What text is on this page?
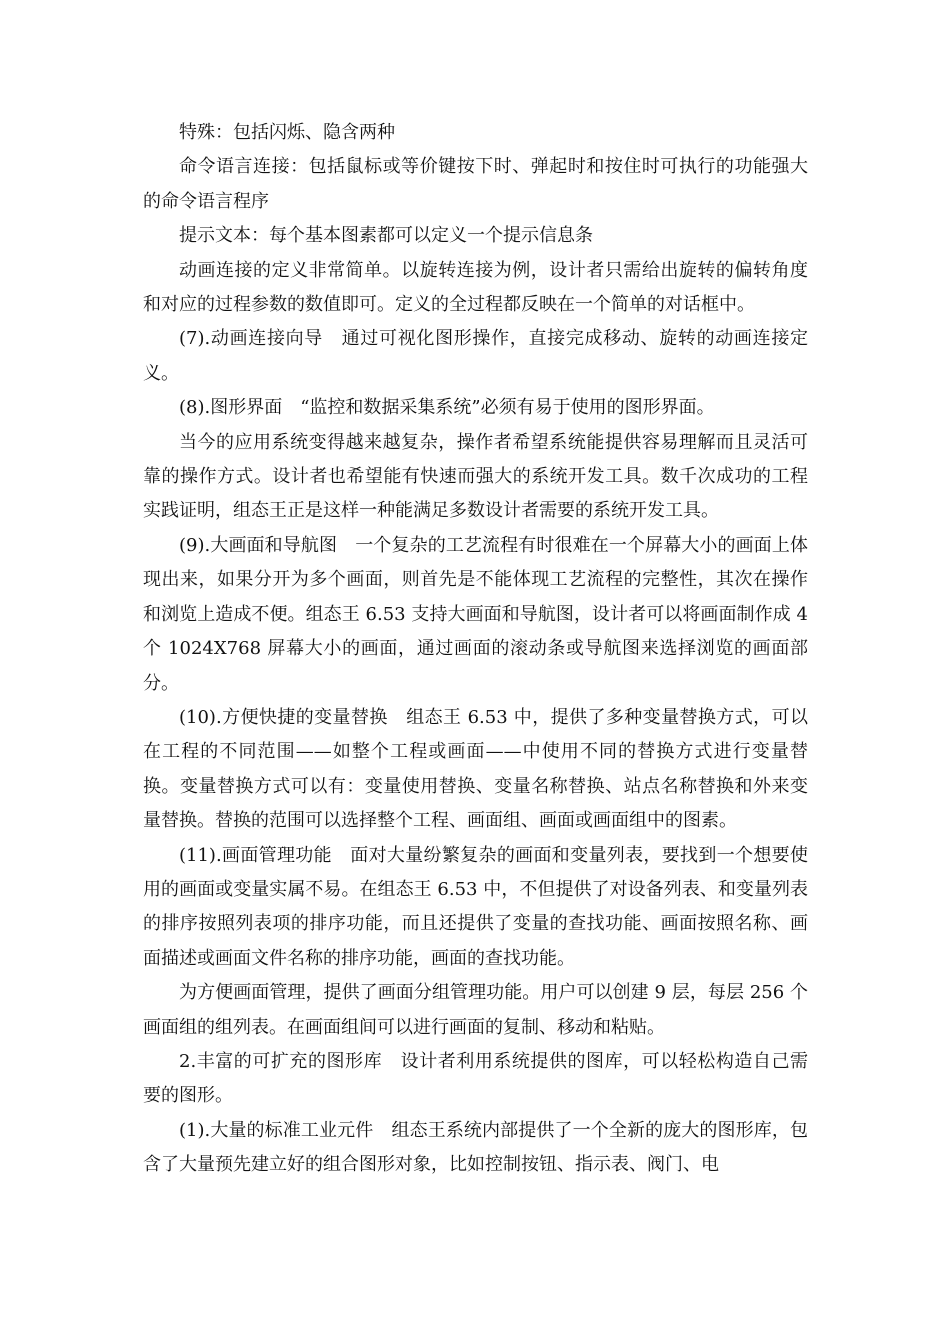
特殊：包括闪烁、隐含两种

命令语言连接：包括鼠标或等价键按下时、弹起时和按住时可执行的功能强大的命令语言程序

提示文本：每个基本图素都可以定义一个提示信息条

动画连接的定义非常简单。以旋转连接为例，设计者只需给出旋转的偏转角度和对应的过程参数的数值即可。定义的全过程都反映在一个简单的对话框中。

(7).动画连接向导　通过可视化图形操作，直接完成移动、旋转的动画连接定义。

(8).图形界面　“监控和数据采集系统”必须有易于使用的图形界面。

当今的应用系统变得越来越复杂，操作者希望系统能提供容易理解而且灵活可靠的操作方式。设计者也希望能有快速而强大的系统开发工具。数千次成功的工程实践证明，组态王正是这样一种能满足多数设计者需要的系统开发工具。

(9).大画面和导航图　一个复杂的工艺流程有时很难在一个屏幕大小的画面上体现出来，如果分开为多个画面，则首先是不能体现工艺流程的完整性，其次在操作和浏览上造成不便。组态王 6.53 支持大画面和导航图，设计者可以将画面制作成 4 个 1024X768 屏幕大小的画面，通过画面的滚动条或导航图来选择浏览的画面部分。

(10).方便快捷的变量替换　组态王 6.53 中，提供了多种变量替换方式，可以在工程的不同范围——如整个工程或画面——中使用不同的替换方式进行变量替换。变量替换方式可以有：变量使用替换、变量名称替换、站点名称替换和外来变量替换。替换的范围可以选择整个工程、画面组、画面或画面组中的图素。

(11).画面管理功能　面对大量纷繁复杂的画面和变量列表，要找到一个想要使用的画面或变量实属不易。在组态王 6.53 中，不但提供了对设备列表、和变量列表的排序按照列表项的排序功能，而且还提供了变量的查找功能、画面按照名称、画面描述或画面文件名称的排序功能，画面的查找功能。

为方便画面管理，提供了画面分组管理功能。用户可以创建 9 层，每层 256 个画面组的组列表。在画面组间可以进行画面的复制、移动和粘贴。

2.丰富的可扩充的图形库　设计者利用系统提供的图库，可以轻松构造自己需要的图形。

(1).大量的标准工业元件　组态王系统内部提供了一个全新的庞大的图形库，包含了大量预先建立好的组合图形对象，比如控制按钮、指示表、阀门、电
